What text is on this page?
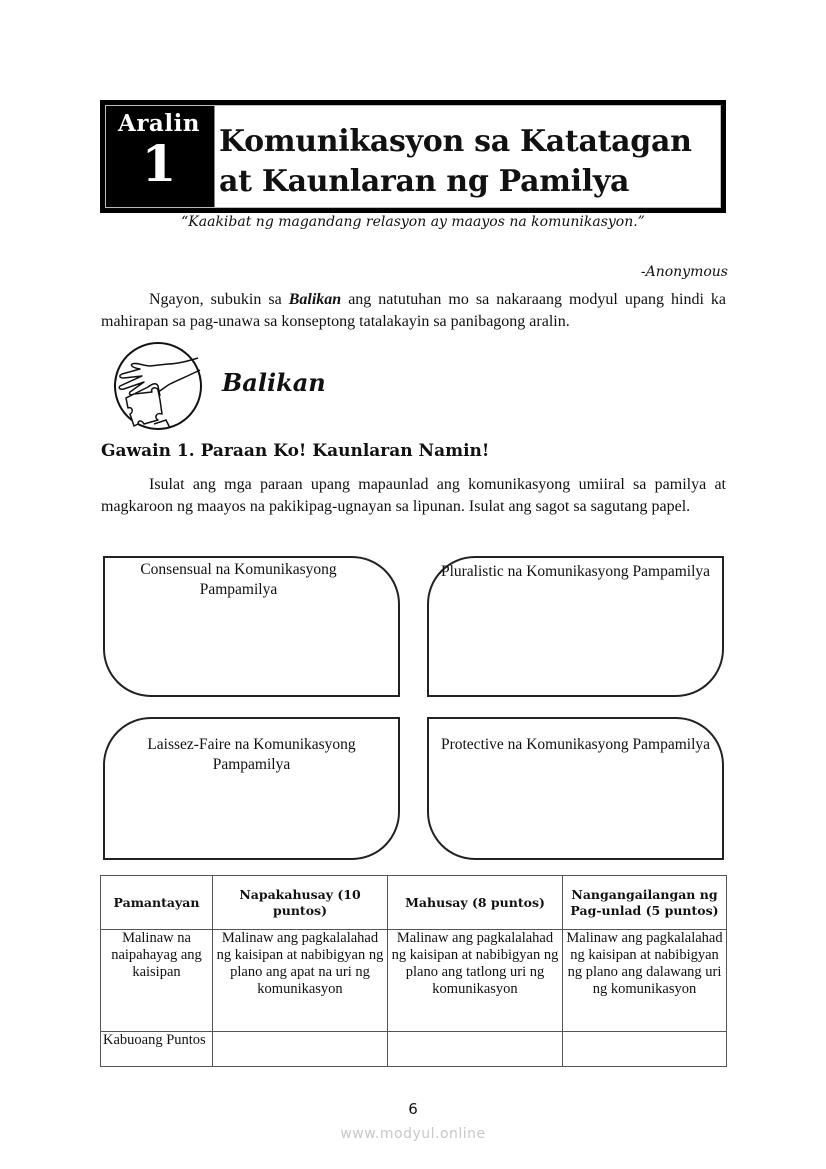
Aralin
1	Komunikasyon sa Katatagan
at Kaunlaran ng Pamilya
“Kaakibat ng magandang relasyon ay maayos na komunikasyon.”
-Anonymous
Ngayon, subukin sa Balikan ang natutuhan mo sa nakaraang modyul upang hindi ka mahirapan sa pag-unawa sa konseptong tatalakayin sa panibagong aralin.
Balikan
Gawain 1. Paraan Ko! Kaunlaran Namin!
Isulat ang mga paraan upang mapaunlad ang komunikasyong umiiral sa pamilya at magkaroon ng maayos na pakikipag-ugnayan sa lipunan. Isulat ang sagot sa sagutang papel.
Consensual na Komunikasyong Pampamilya
Pluralistic na Komunikasyong Pampamilya
Laissez-Faire na Komunikasyong Pampamilya
Protective na Komunikasyong Pampamilya
Pamantayan	Napakahusay (10 puntos)	Mahusay (8 puntos)	Nangangailangan ng Pag-unlad (5 puntos)
Malinaw na naipahayag ang kaisipan	Malinaw ang pagkalalahad ng kaisipan at nabibigyan ng plano ang apat na uri ng komunikasyon	Malinaw ang pagkalalahad ng kaisipan at nabibigyan ng plano ang tatlong uri ng komunikasyon	Malinaw ang pagkalalahad ng kaisipan at nabibigyan ng plano ang dalawang uri ng komunikasyon
Kabuoang Puntos			
6
www.modyul.online
